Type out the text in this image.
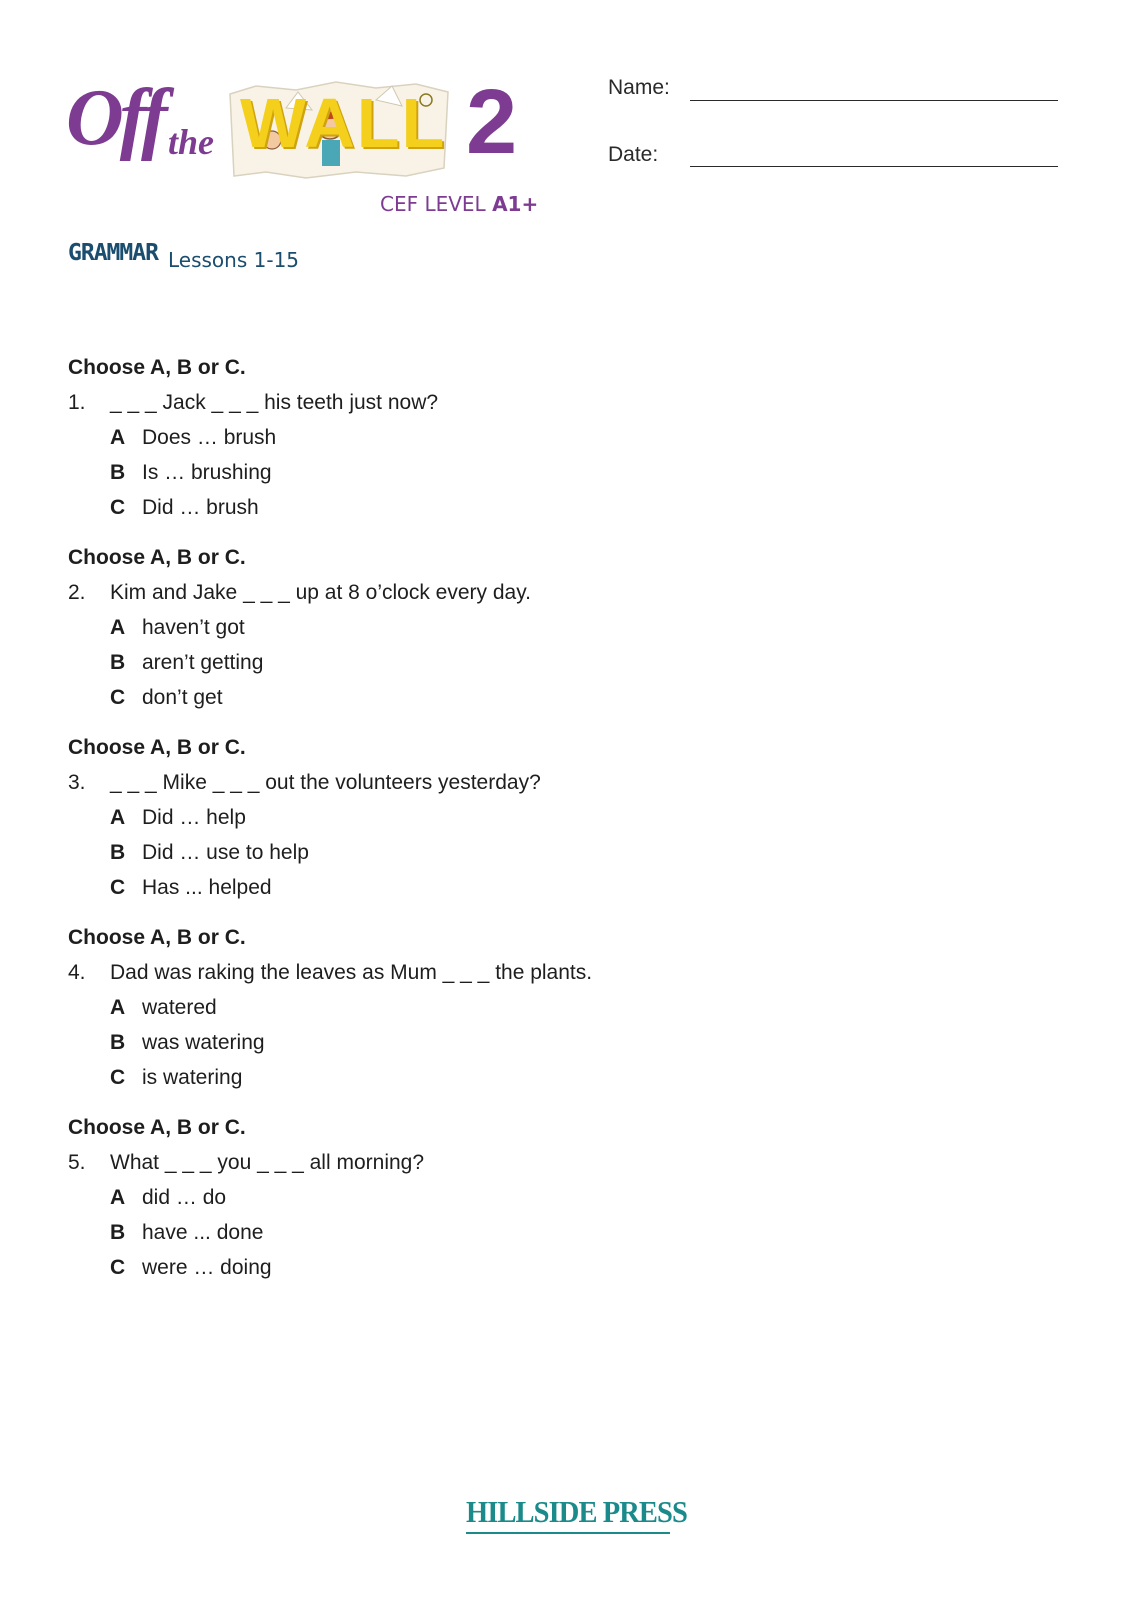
Off the WALL 2
CEF LEVEL A1+
GRAMMAR Lessons 1-15
Name:
Date:
Choose A, B or C.
1. _ _ _ Jack _ _ _ his teeth just now?
A Does … brush
B Is … brushing
C Did … brush
Choose A, B or C.
2. Kim and Jake _ _ _ up at 8 o’clock every day.
A haven’t got
B aren’t getting
C don’t get
Choose A, B or C.
3. _ _ _ Mike _ _ _ out the volunteers yesterday?
A Did … help
B Did … use to help
C Has ... helped
Choose A, B or C.
4. Dad was raking the leaves as Mum _ _ _ the plants.
A watered
B was watering
C is watering
Choose A, B or C.
5. What _ _ _ you _ _ _ all morning?
A did … do
B have ... done
C were … doing
HILLSIDE PRESS
